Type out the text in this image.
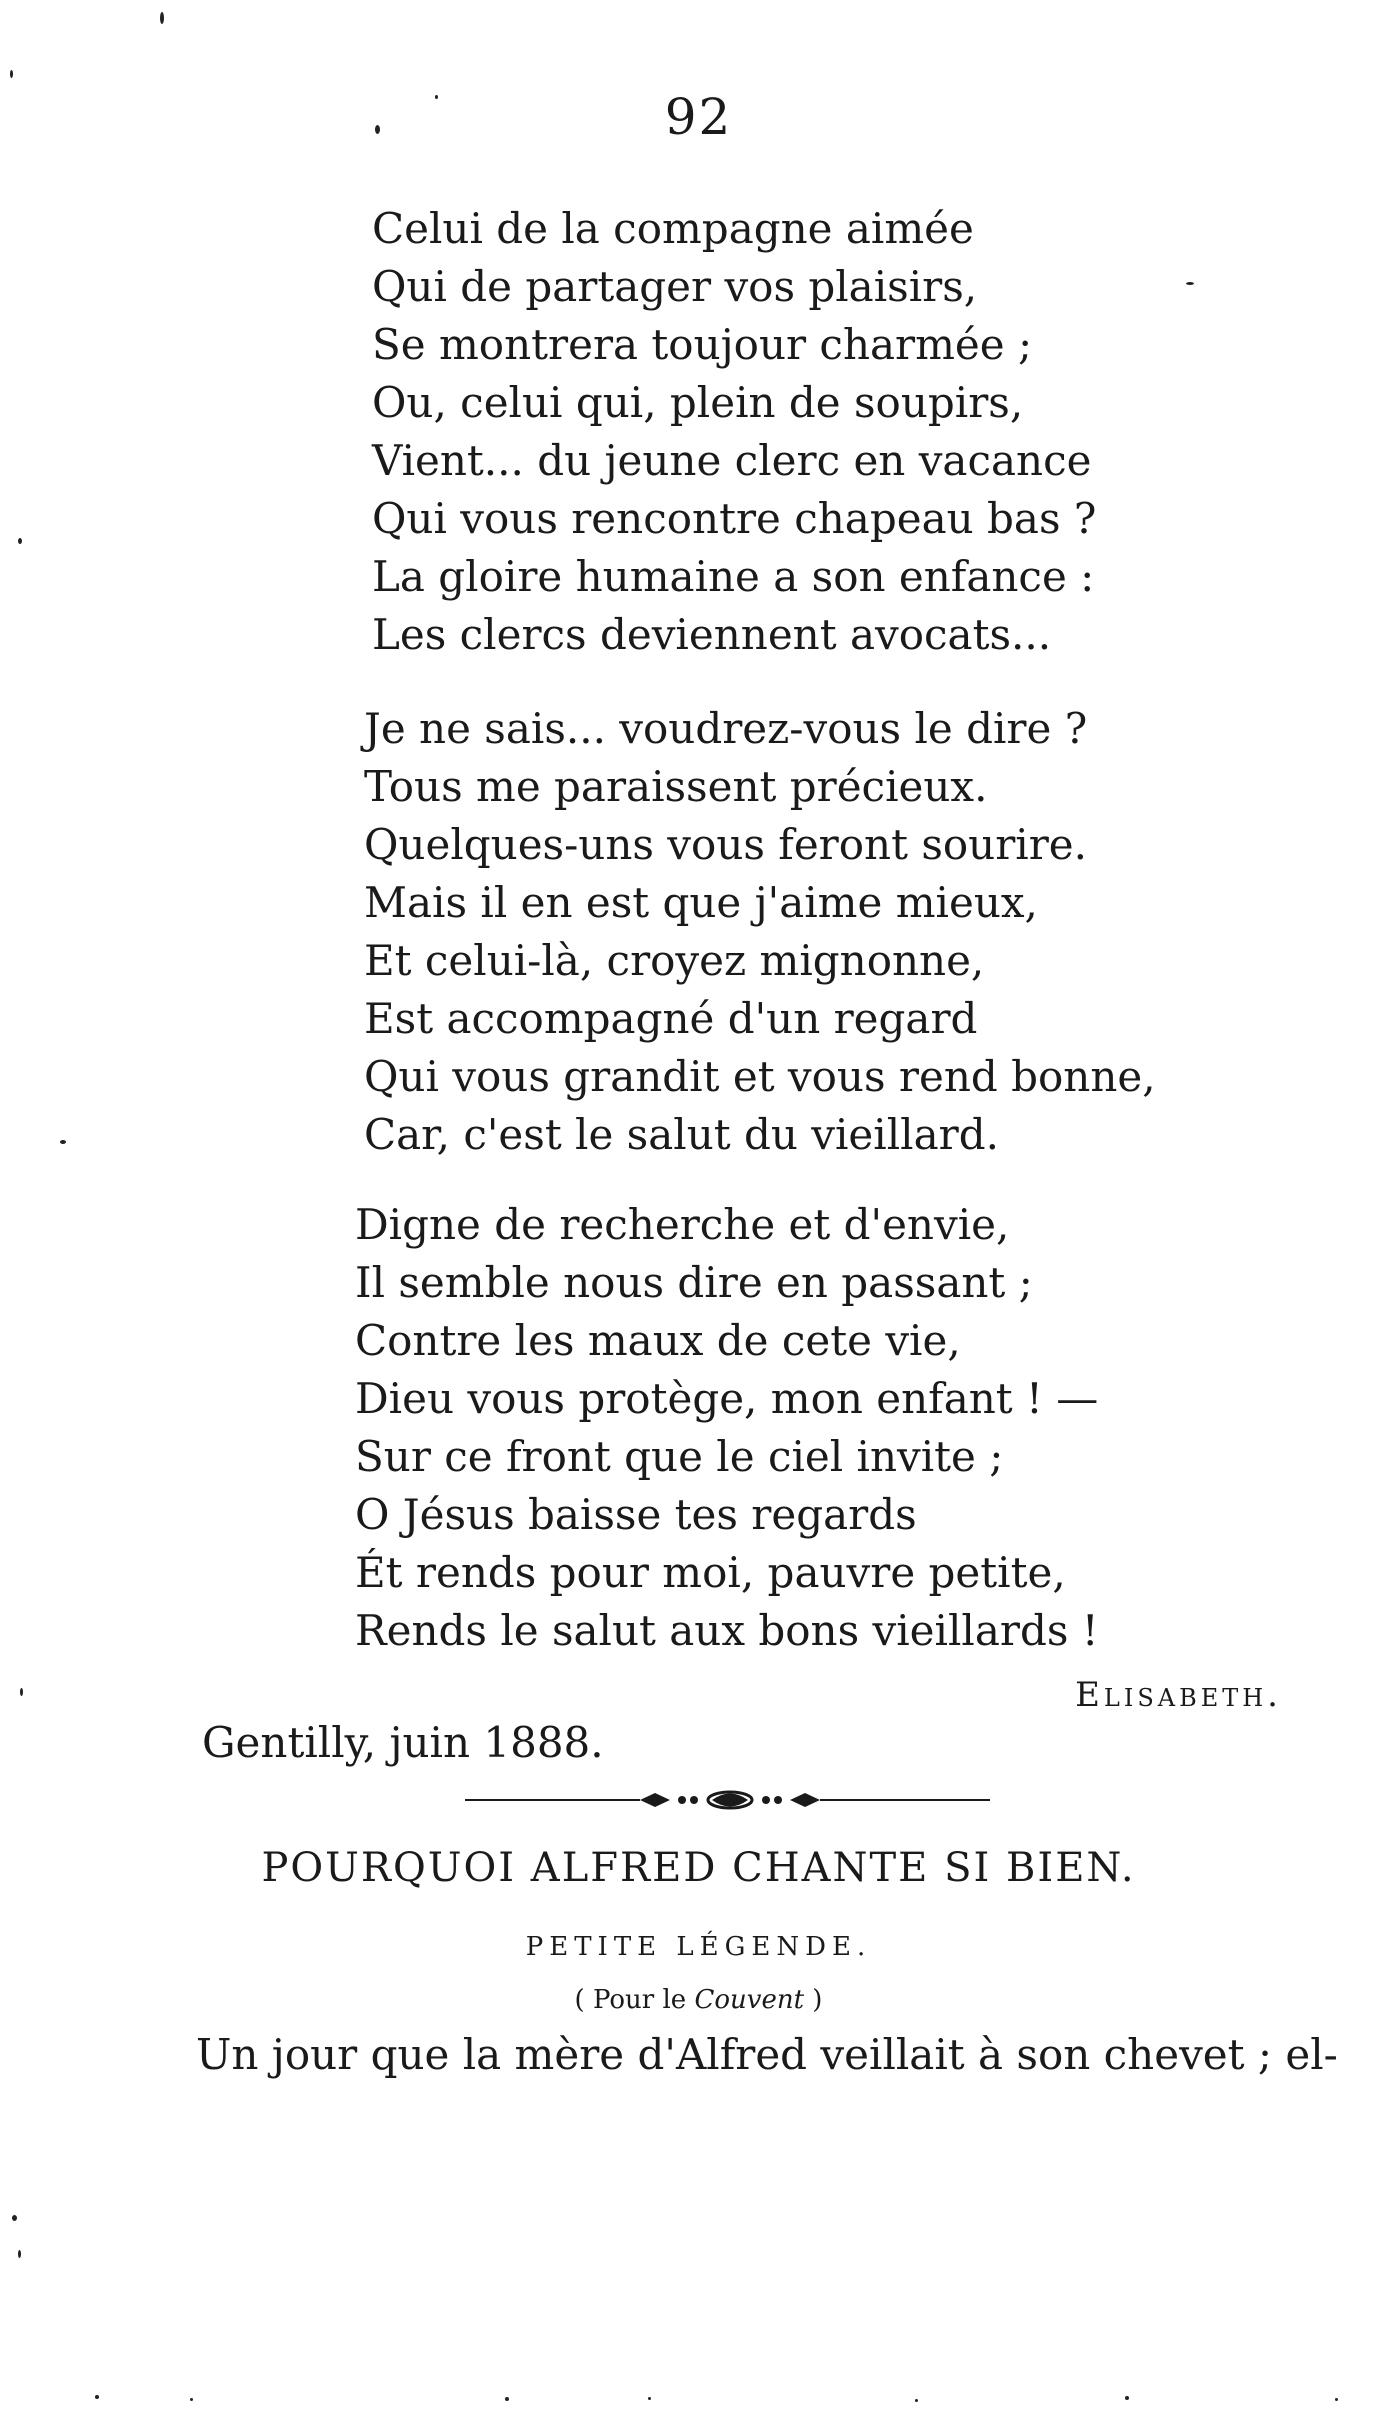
92
Celui de la compagne aimée
Qui de partager vos plaisirs,
Se montrera toujour charmée ;
Ou, celui qui, plein de soupirs,
Vient... du jeune clerc en vacance
Qui vous rencontre chapeau bas ?
La gloire humaine a son enfance :
Les clercs deviennent avocats...
Je ne sais... voudrez-vous le dire ?
Tous me paraissent précieux.
Quelques-uns vous feront sourire.
Mais il en est que j'aime mieux,
Et celui-là, croyez mignonne,
Est accompagné d'un regard
Qui vous grandit et vous rend bonne,
Car, c'est le salut du vieillard.
Digne de recherche et d'envie,
Il semble nous dire en passant ;
Contre les maux de cete vie,
Dieu vous protège, mon enfant ! —
Sur ce front que le ciel invite ;
O Jésus baisse tes regards
Ét rends pour moi, pauvre petite,
Rends le salut aux bons vieillards !
Elisabeth.
Gentilly, juin 1888.
POURQUOI ALFRED CHANTE SI BIEN.
PETITE LÉGENDE.
( Pour le Couvent )
Un jour que la mère d'Alfred veillait à son chevet ; el-
